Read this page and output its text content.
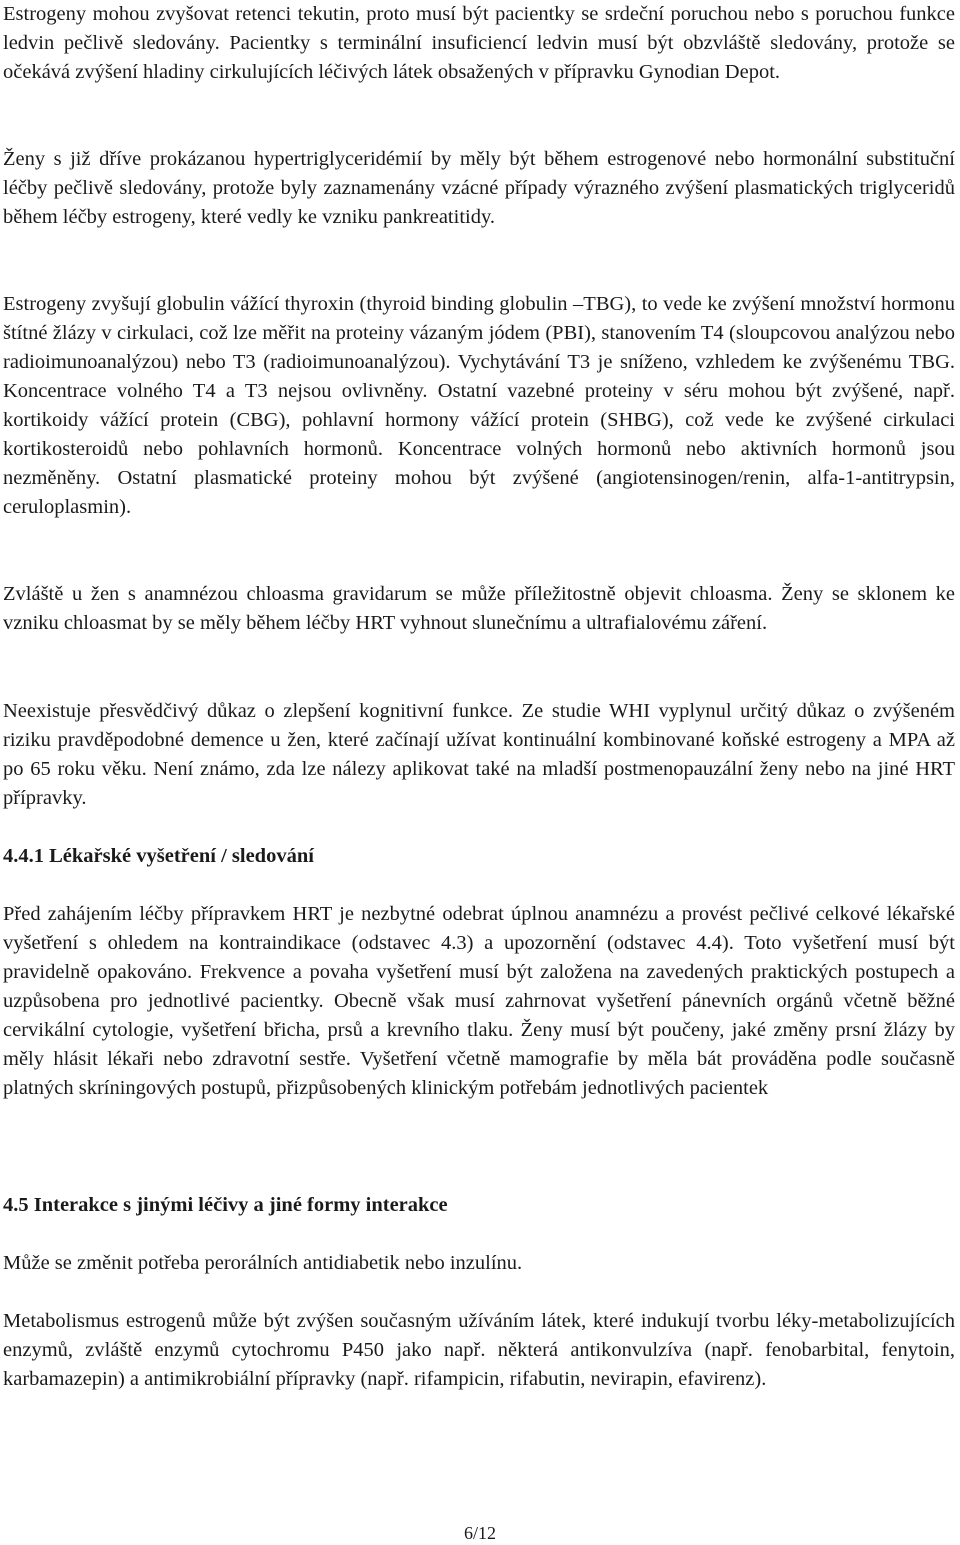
Estrogeny mohou zvyšovat retenci tekutin, proto musí být pacientky se srdeční poruchou nebo s poruchou funkce ledvin pečlivě sledovány. Pacientky s terminální insuficiencí ledvin musí být obzvláště sledovány, protože se očekává zvýšení hladiny cirkulujících léčivých látek obsažených v přípravku Gynodian Depot.

Ženy s již dříve prokázanou hypertriglyceridémií by měly být během estrogenové nebo hormonální substituční léčby pečlivě sledovány, protože byly zaznamenány vzácné případy výrazného zvýšení plasmatických triglyceridů během léčby estrogeny, které vedly ke vzniku pankreatitidy.

Estrogeny zvyšují globulin vážící thyroxin (thyroid binding globulin –TBG), to vede ke zvýšení množství hormonu štítné žlázy v cirkulaci, což lze měřit na proteiny vázaným jódem (PBI), stanovením T4 (sloupcovou analýzou nebo radioimunoanalýzou) nebo T3 (radioimunoanalýzou). Vychytávání T3 je sníženo, vzhledem ke zvýšenému TBG. Koncentrace volného T4 a T3 nejsou ovlivněny. Ostatní vazebné proteiny v séru mohou být zvýšené, např. kortikoidy vážící protein (CBG), pohlavní hormony vážící protein (SHBG), což vede ke zvýšené cirkulaci kortikosteroidů nebo pohlavních hormonů. Koncentrace volných hormonů nebo aktivních hormonů jsou nezměněny. Ostatní plasmatické proteiny mohou být zvýšené (angiotensinogen/renin, alfa-1-antitrypsin, ceruloplasmin).

Zvláště u žen s anamnézou chloasma gravidarum se může příležitostně objevit chloasma. Ženy se sklonem ke vzniku chloasmat by se měly během léčby HRT vyhnout slunečnímu a ultrafialovému záření.

Neexistuje přesvědčivý důkaz o zlepšení kognitivní funkce. Ze studie WHI vyplynul určitý důkaz o zvýšeném riziku pravděpodobné demence u žen, které začínají užívat kontinuální kombinované koňské estrogeny a MPA až po 65 roku věku. Není známo, zda lze nálezy aplikovat také na mladší postmenopauzální ženy nebo na jiné HRT přípravky.

4.4.1 Lékařské vyšetření / sledování

Před zahájením léčby přípravkem HRT je nezbytné odebrat úplnou anamnézu a provést pečlivé celkové lékařské vyšetření s ohledem na kontraindikace (odstavec 4.3) a upozornění (odstavec 4.4). Toto vyšetření musí být pravidelně opakováno. Frekvence a povaha vyšetření musí být založena na zavedených praktických postupech a uzpůsobena pro jednotlivé pacientky. Obecně však musí zahrnovat vyšetření pánevních orgánů včetně běžné cervikální cytologie, vyšetření břicha, prsů a krevního tlaku. Ženy musí být poučeny, jaké změny prsní žlázy by měly hlásit lékaři nebo zdravotní sestře. Vyšetření včetně mamografie by měla bát prováděna podle současně platných skríningových postupů, přizpůsobených klinickým potřebám jednotlivých pacientek

4.5 Interakce s jinými léčivy a jiné formy interakce

Může se změnit potřeba perorálních antidiabetik nebo inzulínu.

Metabolismus estrogenů může být zvýšen současným užíváním látek, které indukují tvorbu léky-metabolizujících enzymů, zvláště enzymů cytochromu P450 jako např. některá antikonvulzíva (např. fenobarbital, fenytoin, karbamazepin) a antimikrobiální přípravky (např. rifampicin, rifabutin, nevirapin, efavirenz).

6/12
